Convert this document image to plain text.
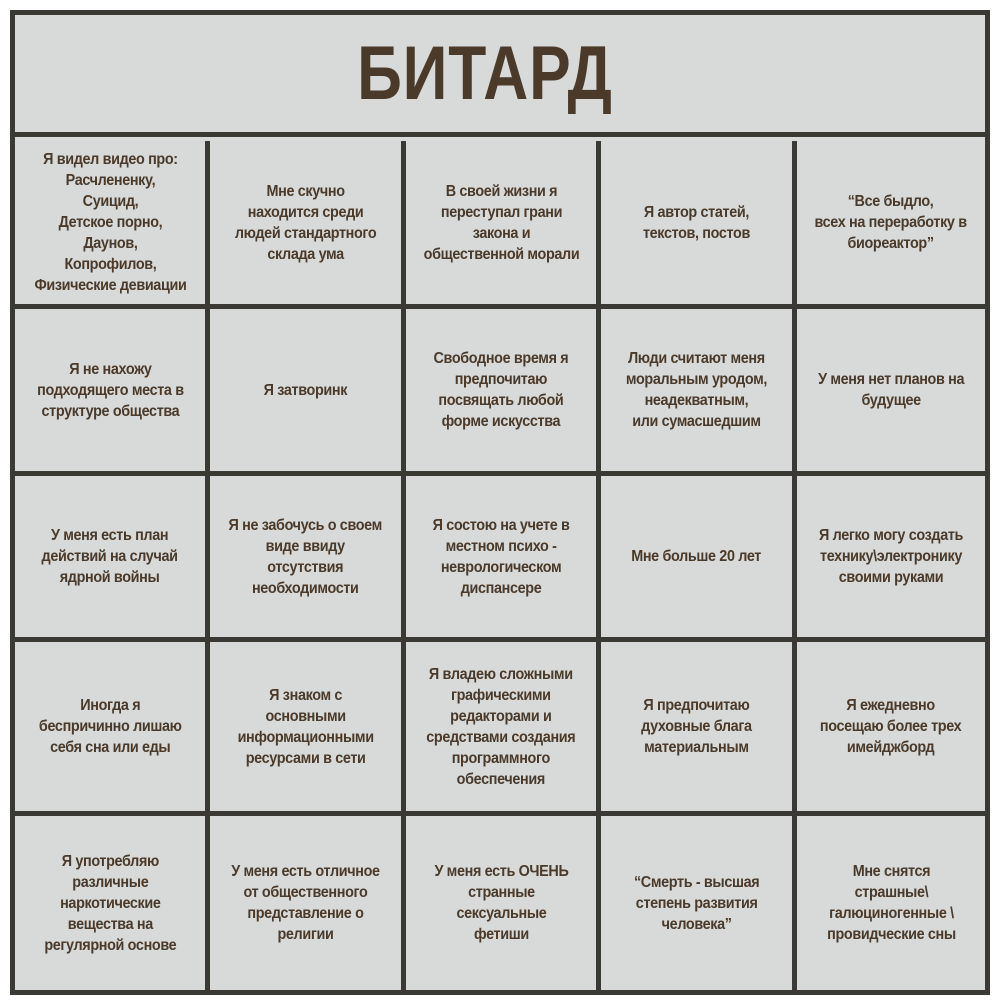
БИТАРД
Я видел видео про:
Расчлененку,
Суицид,
Детское порно,
Даунов,
Копрофилов,
Физические девиации
Мне скучно
находится среди
людей стандартного
склада ума
В своей жизни я
переступал грани
закона и
общественной морали
Я автор статей,
текстов, постов
“Все быдло,
всех на переработку в
биореактор”
Я не нахожу
подходящего места в
структуре общества
Я затворинк
Свободное время я
предпочитаю
посвящать любой
форме искусства
Люди считают меня
моральным уродом,
неадекватным,
или сумасшедшим
У меня нет планов на
будущее
У меня есть план
действий на случай
ядрной войны
Я не забочусь о своем
виде ввиду
отсутствия
необходимости
Я состою на учете в
местном психо -
неврологическом
диспансере
Мне больше 20 лет
Я легко могу создать
технику\электронику
своими руками
Иногда я
беспричинно лишаю
себя сна или еды
Я знаком с
основными
информационными
ресурсами в сети
Я владею сложными
графическими
редакторами и
средствами создания
программного
обеспечения
Я предпочитаю
духовные блага
материальным
Я ежедневно
посещаю более трех
имейджборд
Я употребляю
различные
наркотические
вещества на
регулярной основе
У меня есть отличное
от общественного
представление о
религии
У меня есть ОЧЕНЬ
странные
сексуальные
фетиши
“Смерть - высшая
степень развития
человека”
Мне снятся
страшные\
галюциногенные \
провидческие сны
